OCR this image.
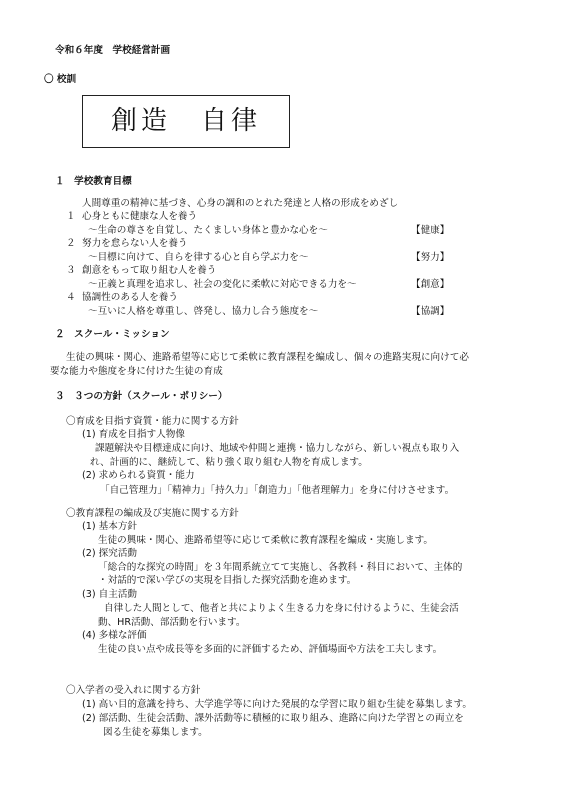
令和６年度　学校経営計画
〇 校訓
創造　自律
１　学校教育目標
人間尊重の精神に基づき、心身の調和のとれた発達と人格の形成をめざし
１ 心身ともに健康な人を養う
〜生命の尊さを自覚し、たくましい身体と豊かな心を〜	【健康】
２ 努力を怠らない人を養う
〜目標に向けて、自らを律する心と自ら学ぶ力を〜	【努力】
３ 創意をもって取り組む人を養う
〜正義と真理を追求し、社会の変化に柔軟に対応できる力を〜	【創意】
４ 協調性のある人を養う
〜互いに人格を尊重し、啓発し、協力し合う態度を〜	【協調】
２　スクール・ミッション
生徒の興味・関心、進路希望等に応じて柔軟に教育課程を編成し、個々の進路実現に向けて必
要な能力や態度を身に付けた生徒の育成
３　３つの方針（スクール・ポリシー）
〇育成を目指す資質・能力に関する方針
(1) 育成を目指す人物像
課題解決や目標達成に向け、地域や仲間と連携・協力しながら、新しい視点も取り入
れ、計画的に、継続して、粘り強く取り組む人物を育成します。
(2) 求められる資質・能力
「自己管理力」「精神力」「持久力」「創造力」「他者理解力」を身に付けさせます。
〇教育課程の編成及び実施に関する方針
(1) 基本方針
生徒の興味・関心、進路希望等に応じて柔軟に教育課程を編成・実施します。
(2) 探究活動
「総合的な探究の時間」を３年間系統立てて実施し、各教科・科目において、主体的
・対話的で深い学びの実現を目指した探究活動を進めます。
(3) 自主活動
自律した人間として、他者と共によりよく生きる力を身に付けるように、生徒会活
動、HR活動、部活動を行います。
(4) 多様な評価
生徒の良い点や成長等を多面的に評価するため、評価場面や方法を工夫します。
〇入学者の受入れに関する方針
(1) 高い目的意識を持ち、大学進学等に向けた発展的な学習に取り組む生徒を募集します。
(2) 部活動、生徒会活動、課外活動等に積極的に取り組み、進路に向けた学習との両立を
図る生徒を募集します。
